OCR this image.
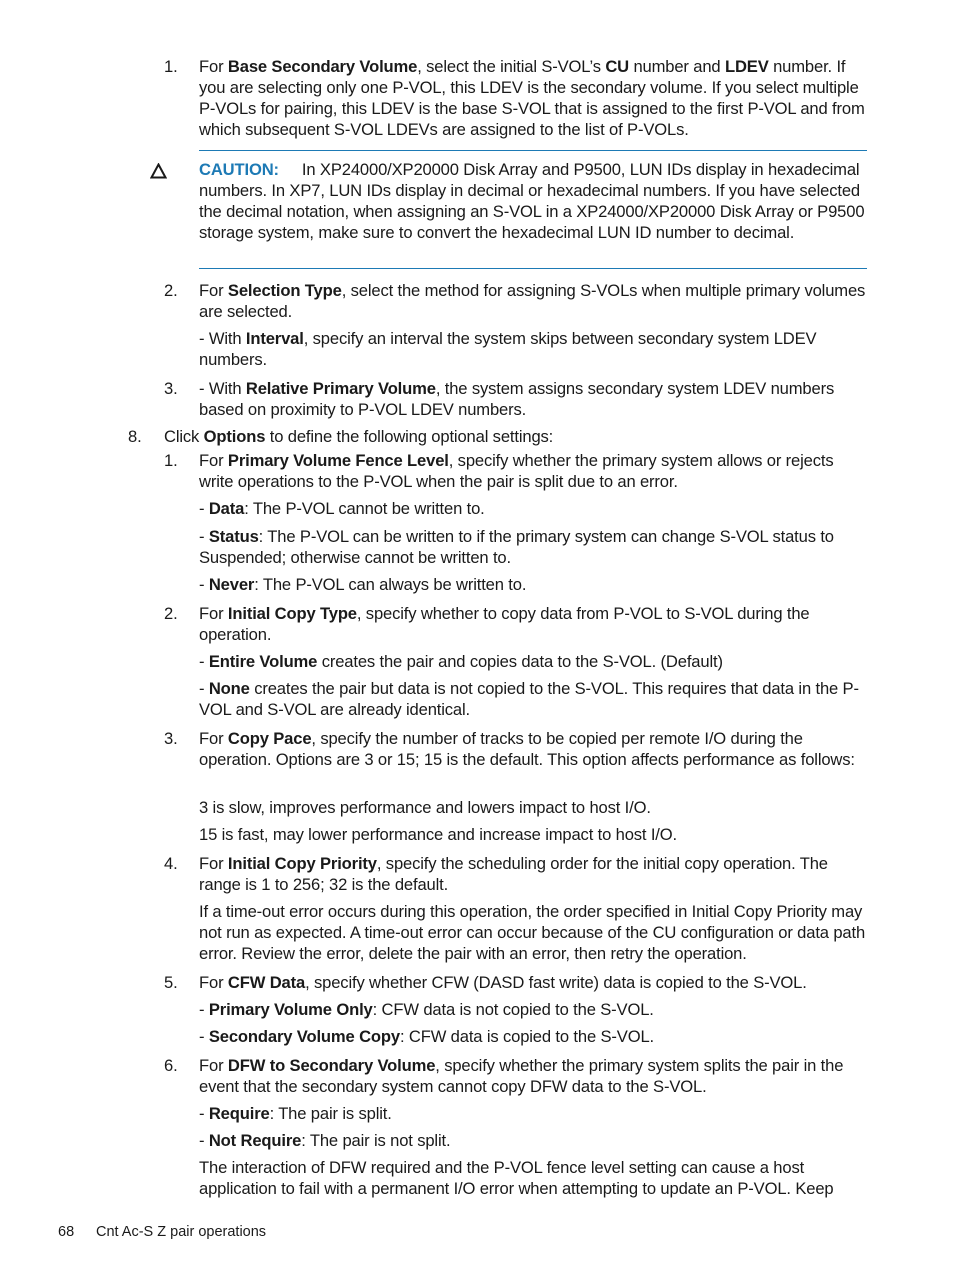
1.	For Base Secondary Volume, select the initial S-VOL’s CU number and LDEV number. If you are selecting only one P-VOL, this LDEV is the secondary volume. If you select multiple P-VOLs for pairing, this LDEV is the base S-VOL that is assigned to the first P-VOL and from which subsequent S-VOL LDEVs are assigned to the list of P-VOLs.
CAUTION: In XP24000/XP20000 Disk Array and P9500, LUN IDs display in hexadecimal numbers. In XP7, LUN IDs display in decimal or hexadecimal numbers. If you have selected the decimal notation, when assigning an S-VOL in a XP24000/XP20000 Disk Array or P9500 storage system, make sure to convert the hexadecimal LUN ID number to decimal.
2.	For Selection Type, select the method for assigning S-VOLs when multiple primary volumes are selected.
- With Interval, specify an interval the system skips between secondary system LDEV numbers.
3.	- With Relative Primary Volume, the system assigns secondary system LDEV numbers based on proximity to P-VOL LDEV numbers.
8.	Click Options to define the following optional settings:
1.	For Primary Volume Fence Level, specify whether the primary system allows or rejects write operations to the P-VOL when the pair is split due to an error.
- Data: The P-VOL cannot be written to.
- Status: The P-VOL can be written to if the primary system can change S-VOL status to Suspended; otherwise cannot be written to.
- Never: The P-VOL can always be written to.
2.	For Initial Copy Type, specify whether to copy data from P-VOL to S-VOL during the operation.
- Entire Volume creates the pair and copies data to the S-VOL. (Default)
- None creates the pair but data is not copied to the S-VOL. This requires that data in the P-VOL and S-VOL are already identical.
3.	For Copy Pace, specify the number of tracks to be copied per remote I/O during the operation. Options are 3 or 15; 15 is the default. This option affects performance as follows:
3 is slow, improves performance and lowers impact to host I/O.
15 is fast, may lower performance and increase impact to host I/O.
4.	For Initial Copy Priority, specify the scheduling order for the initial copy operation. The range is 1 to 256; 32 is the default.
If a time-out error occurs during this operation, the order specified in Initial Copy Priority may not run as expected. A time-out error can occur because of the CU configuration or data path error. Review the error, delete the pair with an error, then retry the operation.
5.	For CFW Data, specify whether CFW (DASD fast write) data is copied to the S-VOL.
- Primary Volume Only: CFW data is not copied to the S-VOL.
- Secondary Volume Copy: CFW data is copied to the S-VOL.
6.	For DFW to Secondary Volume, specify whether the primary system splits the pair in the event that the secondary system cannot copy DFW data to the S-VOL.
- Require: The pair is split.
- Not Require: The pair is not split.
The interaction of DFW required and the P-VOL fence level setting can cause a host application to fail with a permanent I/O error when attempting to update an P-VOL. Keep
68 Cnt Ac-S Z pair operations
